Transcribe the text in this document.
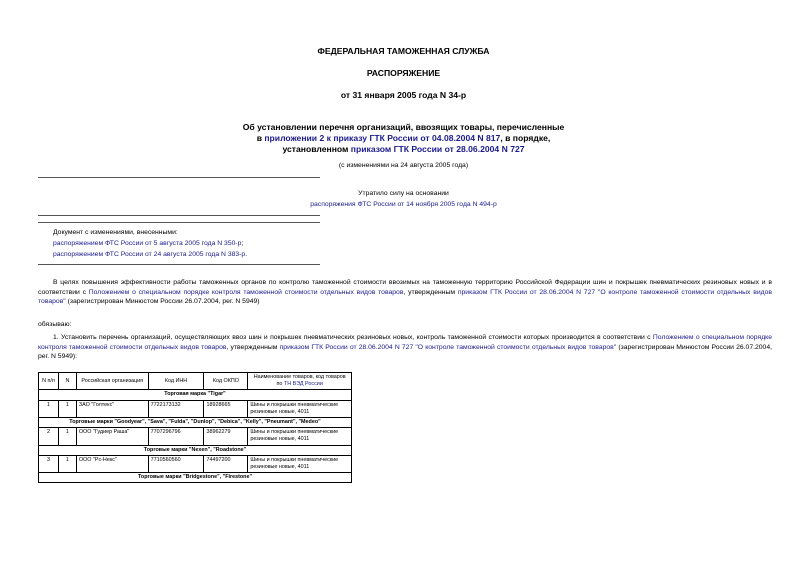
ФЕДЕРАЛЬНАЯ ТАМОЖЕННАЯ СЛУЖБА
РАСПОРЯЖЕНИЕ
от 31 января 2005 года N 34-р
Об установлении перечня организаций, ввозящих товары, перечисленные
в приложении 2 к приказу ГТК России от 04.08.2004 N 817, в порядке,
установленном приказом ГТК России от 28.06.2004 N 727
(с изменениями на 24 августа 2005 года)
Утратило силу на основании
распоряжения ФТС России от 14 ноября 2005 года N 494-р
Документ с изменениями, внесенными:
распоряжением ФТС России от 5 августа 2005 года N 350-р;
распоряжением ФТС России от 24 августа 2005 года N 383-р.
В целях повышения эффективности работы таможенных органов по контролю таможенной стоимости ввозимых на таможенную территорию Российской Федерации шин и покрышек пневматических резиновых новых и в соответствии с Положением о специальном порядке контроля таможенной стоимости отдельных видов товаров, утвержденным приказом ГТК России от 28.06.2004 N 727 "О контроле таможенной стоимости отдельных видов товаров" (зарегистрирован Минюстом России 26.07.2004, рег. N 5949)
обязываю:
1. Установить перечень организаций, осуществляющих ввоз шин и покрышек пневматических резиновых новых, контроль таможенной стоимости которых производится в соответствии с Положением о специальном порядке контроля таможенной стоимости отдельных видов товаров, утвержденным приказом ГТК России от 28.06.2004 N 727 "О контроле таможенной стоимости отдельных видов товаров" (зарегистрирован Минюстом России 26.07.2004, рег. N 5949):
N п/п	N	Российская организация	Код ИНН	Код ОКПО	Наименование товаров, код товаров по ТН ВЭД России
Торговая марка "Tigar"					
1	1	ЗАО "Голтекс"	7722173132	18928665	Шины и покрышки пневматические резиновые новые, 4011
Торговые марки "Goodyear", "Sava", "Fulda", "Dunlop", "Debica", "Kelly", "Pneumant", "Medeo"					
2	1	ООО "Гудиер Раша"	7707296796	38962279	Шины и покрышки пневматические резиновые новые, 4011
Торговые марки "Nexen", "Roadstone"					
3	1	ООО "Рс-Некс"	7710560560	74497200	Шины и покрышки пневматические резиновые новые, 4011
Торговые марки "Bridgestone", "Firestone"					
